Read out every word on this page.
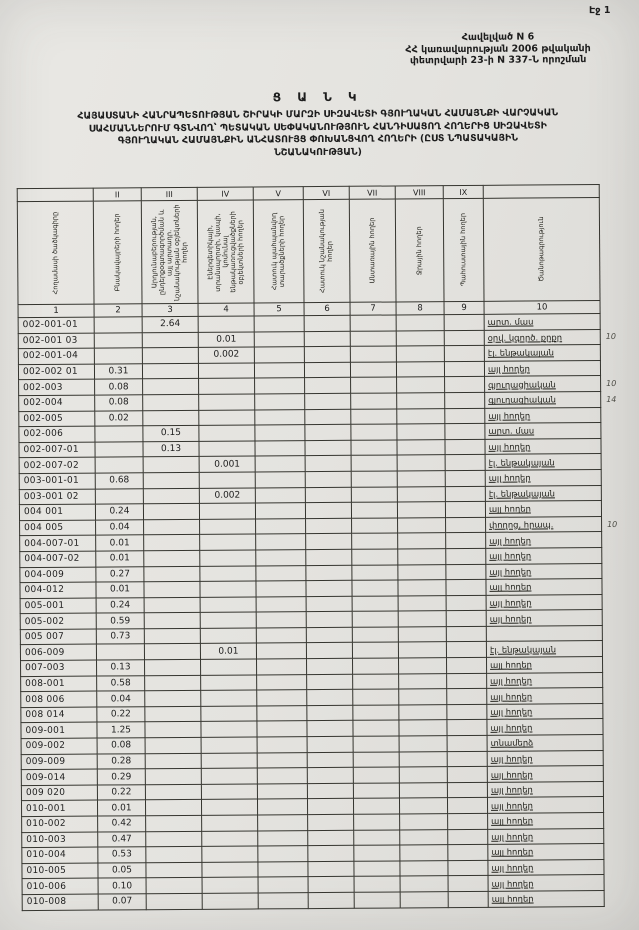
Էջ 1
Հավելված N 6
ՀՀ կառավարության 2006 թվականի
փետրվարի 23-ի N 337-Ն որոշման
Ց Ա Ն Կ
ՀԱՅԱՍՏԱՆԻ ՀԱՆՐԱՊԵՏՈՒԹՅԱՆ ՇԻՐԱԿԻ ՄԱՐԶԻ ՍԻԶԱՎԵՏԻ ԳՅՈՒՂԱԿԱՆ ՀԱՄԱՅՆՔԻ ՎԱՐՉԱԿԱՆ
ՍԱՀՄԱՆՆԵՐՈՒՄ ԳՏՆՎՈՂ՝ ՊԵՏԱԿԱՆ ՍԵՓԱԿԱՆՈՒԹՅՈՒՆ ՀԱՆԴԻՍԱՑՈՂ ՀՈՂԵՐԻՑ ՍԻԶԱՎԵՏԻ
ԳՅՈՒՂԱԿԱՆ ՀԱՄԱՅՆՔԻՆ ԱՆՀԱՏՈՒՅՑ ՓՈԽԱՆՑՎՈՂ ՀՈՂԵՐԻ (ԸՍՏ ՆՊԱՏԱԿԱՅԻՆ
ՆՇԱՆԱԿՈՒԹՅԱՆ)
	II	III	IV	V	VI	VII	VIII	IX		

Հողամասի ծածկագիրը	Բնակավայրերի հողեր	Արդյունաբերության, ընդերքօգտագործման և այլ արտադր. նշանակության օբյեկտների հողեր	Էներգետիկայի, տրանսպորտի, կապի, կոմունալ ենթակառուցվածքների օբյեկտների հողեր	Հատուկ պահպանվող տարածքների հողեր	Հատուկ նշանակության հողեր	Անտառային հողեր	Ջրային հողեր	Պահուստային հողեր	Ծանոթագրություն	

1	2	3	4	5	6	7	8	9	10	
002-001-01		2.64							արտ. մաս	
002-001 03			0.01						օրվ. կգործ. քրքր	10
002-001-04			0.002						էլ. ենթակայան	
002-002 01	0.31								այլ հողեր	
002-003	0.08								գյուղացիական	10
002-004	0.08								գյուղացիական	14
002-005	0.02								այլ հողեր	
002-006		0.15							արտ. մաս	
002-007-01		0.13							այլ հողեր	
002-007-02			0.001						էլ. ենթակայան	
003-001-01	0.68								այլ հողեր	
003-001 02			0.002						էլ. ենթակայան	
004 001	0.24								այլ հողեր	
004 005	0.04								փողոց, հրապ.	10
004-007-01	0.01								այլ հողեր	
004-007-02	0.01								այլ հողեր	
004-009	0.27								այլ հողեր	
004-012	0.01								այլ հողեր	
005-001	0.24								այլ հողեր	
005-002	0.59								այլ հողեր	
005 007	0.73									
006-009			0.01						էլ. ենթակայան	
007-003	0.13								այլ հողեր	
008-001	0.58								այլ հողեր	
008 006	0.04								այլ հողեր	
008 014	0.22								այլ հողեր	
009-001	1.25								այլ հողեր	
009-002	0.08								տնամերձ	
009-009	0.28								այլ հողեր	
009-014	0.29								այլ հողեր	
009 020	0.22								այլ հողեր	
010-001	0.01								այլ հողեր	
010-002	0.42								այլ հողեր	
010-003	0.47								այլ հողեր	
010-004	0.53								այլ հողեր	
010-005	0.05								այլ հողեր	
010-006	0.10								այլ հողեր	
010-008	0.07								այլ հողեր	
